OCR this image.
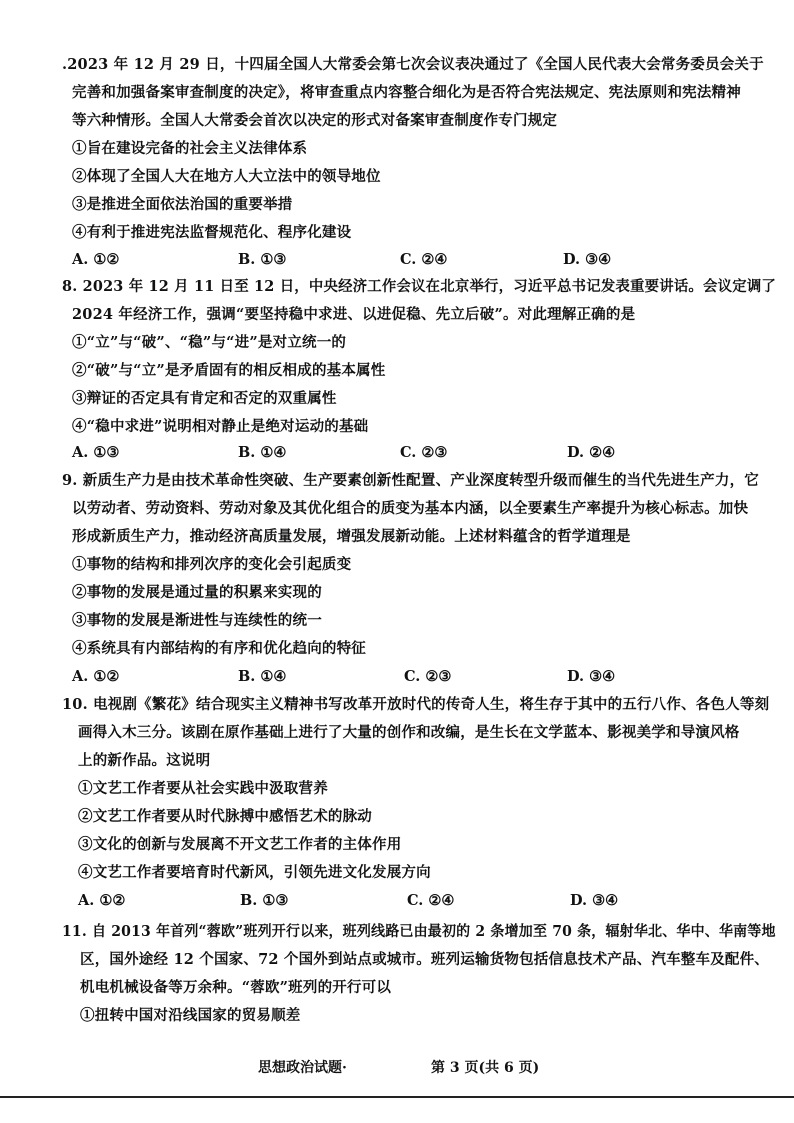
.2023 年 12 月 29 日，十四届全国人大常委会第七次会议表决通过了《全国人民代表大会常务委员会关于
完善和加强备案审查制度的决定》，将审查重点内容整合细化为是否符合宪法规定、宪法原则和宪法精神
等六种情形。全国人大常委会首次以决定的形式对备案审查制度作专门规定
①旨在建设完备的社会主义法律体系
②体现了全国人大在地方人大立法中的领导地位
③是推进全面依法治国的重要举措
④有利于推进宪法监督规范化、程序化建设
A. ①②	B. ①③	C. ②④	D. ③④
8. 2023 年 12 月 11 日至 12 日，中央经济工作会议在北京举行，习近平总书记发表重要讲话。会议定调了
2024 年经济工作，强调“要坚持稳中求进、以进促稳、先立后破”。对此理解正确的是
①“立”与“破”、“稳”与“进”是对立统一的
②“破”与“立”是矛盾固有的相反相成的基本属性
③辩证的否定具有肯定和否定的双重属性
④“稳中求进”说明相对静止是绝对运动的基础
A. ①③	B. ①④	C. ②③	D. ②④
9. 新质生产力是由技术革命性突破、生产要素创新性配置、产业深度转型升级而催生的当代先进生产力，它
以劳动者、劳动资料、劳动对象及其优化组合的质变为基本内涵，以全要素生产率提升为核心标志。加快
形成新质生产力，推动经济高质量发展，增强发展新动能。上述材料蕴含的哲学道理是
①事物的结构和排列次序的变化会引起质变
②事物的发展是通过量的积累来实现的
③事物的发展是渐进性与连续性的统一
④系统具有内部结构的有序和优化趋向的特征
A. ①②	B. ①④	C. ②③	D. ③④
10. 电视剧《繁花》结合现实主义精神书写改革开放时代的传奇人生，将生存于其中的五行八作、各色人等刻
画得入木三分。该剧在原作基础上进行了大量的创作和改编，是生长在文学蓝本、影视美学和导演风格
上的新作品。这说明
①文艺工作者要从社会实践中汲取营养
②文艺工作者要从时代脉搏中感悟艺术的脉动
③文化的创新与发展离不开文艺工作者的主体作用
④文艺工作者要培育时代新风，引领先进文化发展方向
A. ①②	B. ①③	C. ②④	D. ③④
11. 自 2013 年首列“蓉欧”班列开行以来，班列线路已由最初的 2 条增加至 70 条，辐射华北、华中、华南等地
区，国外途经 12 个国家、72 个国外到站点或城市。班列运输货物包括信息技术产品、汽车整车及配件、
机电机械设备等万余种。“蓉欧”班列的开行可以
①扭转中国对沿线国家的贸易顺差
思想政治试题·	第 3 页(共 6 页)
